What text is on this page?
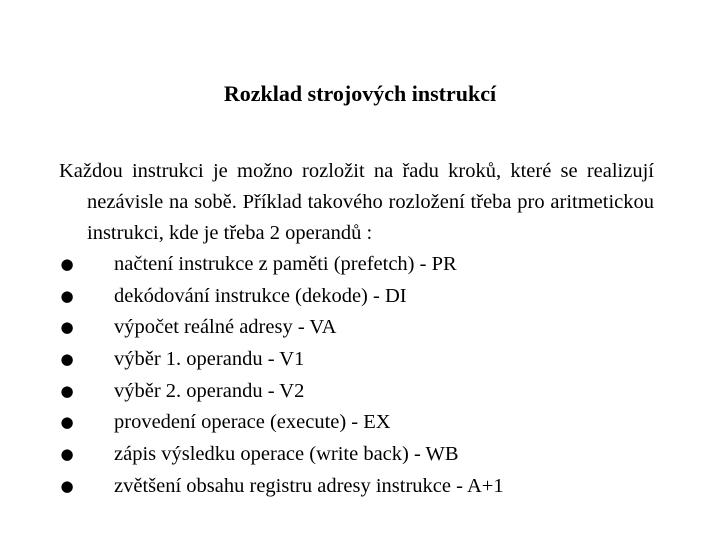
Rozklad strojových instrukcí

Každou instrukci je možno rozložit na řadu kroků, které se realizují nezávisle na sobě. Příklad takového rozložení třeba pro aritmetickou instrukci, kde je třeba 2 operandů :

● načtení instrukce z paměti (prefetch) - PR
● dekódování instrukce (dekode) - DI
● výpočet reálné adresy - VA
● výběr 1. operandu - V1
● výběr 2. operandu - V2
● provedení operace (execute) - EX
● zápis výsledku operace (write back) - WB
● zvětšení obsahu registru adresy instrukce - A+1
